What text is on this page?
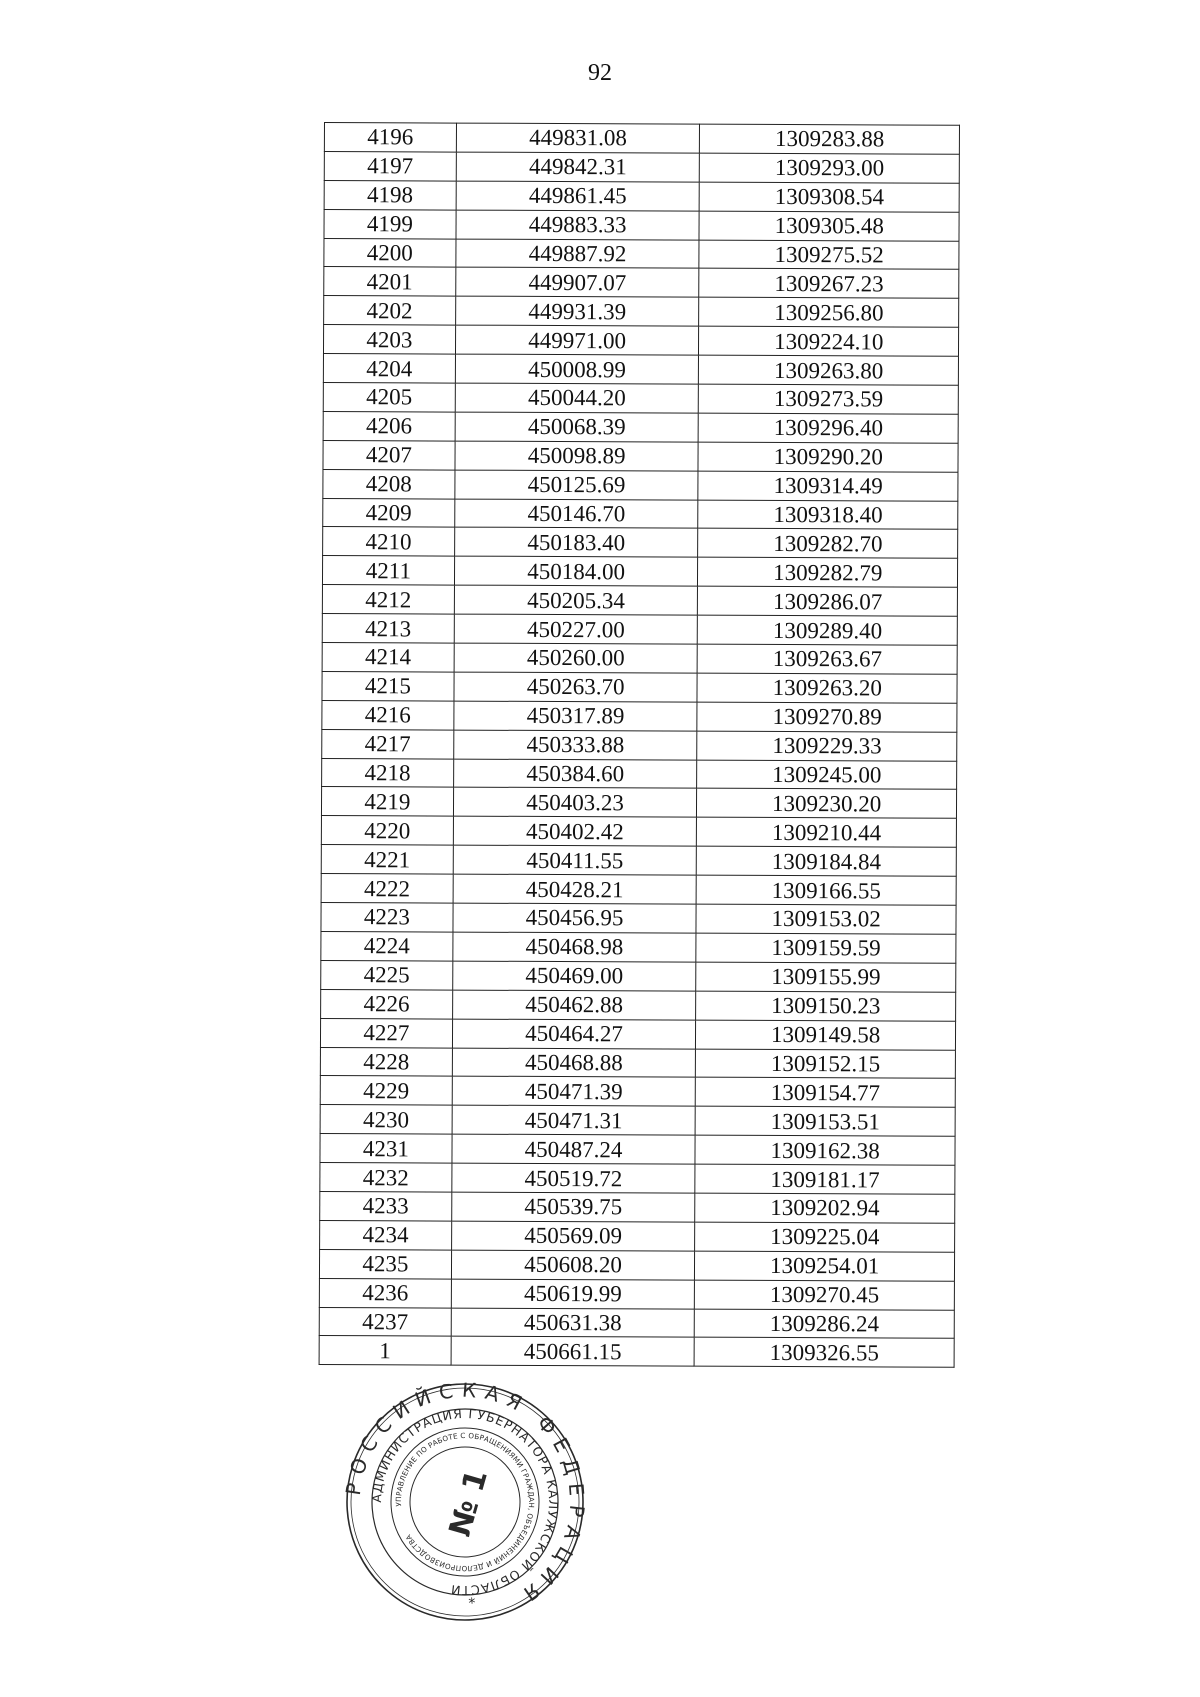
92
4196	449831.08	1309283.88
4197	449842.31	1309293.00
4198	449861.45	1309308.54
4199	449883.33	1309305.48
4200	449887.92	1309275.52
4201	449907.07	1309267.23
4202	449931.39	1309256.80
4203	449971.00	1309224.10
4204	450008.99	1309263.80
4205	450044.20	1309273.59
4206	450068.39	1309296.40
4207	450098.89	1309290.20
4208	450125.69	1309314.49
4209	450146.70	1309318.40
4210	450183.40	1309282.70
4211	450184.00	1309282.79
4212	450205.34	1309286.07
4213	450227.00	1309289.40
4214	450260.00	1309263.67
4215	450263.70	1309263.20
4216	450317.89	1309270.89
4217	450333.88	1309229.33
4218	450384.60	1309245.00
4219	450403.23	1309230.20
4220	450402.42	1309210.44
4221	450411.55	1309184.84
4222	450428.21	1309166.55
4223	450456.95	1309153.02
4224	450468.98	1309159.59
4225	450469.00	1309155.99
4226	450462.88	1309150.23
4227	450464.27	1309149.58
4228	450468.88	1309152.15
4229	450471.39	1309154.77
4230	450471.31	1309153.51
4231	450487.24	1309162.38
4232	450519.72	1309181.17
4233	450539.75	1309202.94
4234	450569.09	1309225.04
4235	450608.20	1309254.01
4236	450619.99	1309270.45
4237	450631.38	1309286.24
1	450661.15	1309326.55
РОССИЙСКАЯ ФЕДЕРАЦИЯ
АДМИНИСТРАЦИЯ ГУБЕРНАТОРА КАЛУЖСКОЙ ОБЛАСТИ
УПРАВЛЕНИЕ ПО РАБОТЕ С ОБРАЩЕНИЯМИ ГРАЖДАН, ОБЪЕДИНЕНИЙ И ДЕЛОПРОИЗВОДСТВА № 1
*
